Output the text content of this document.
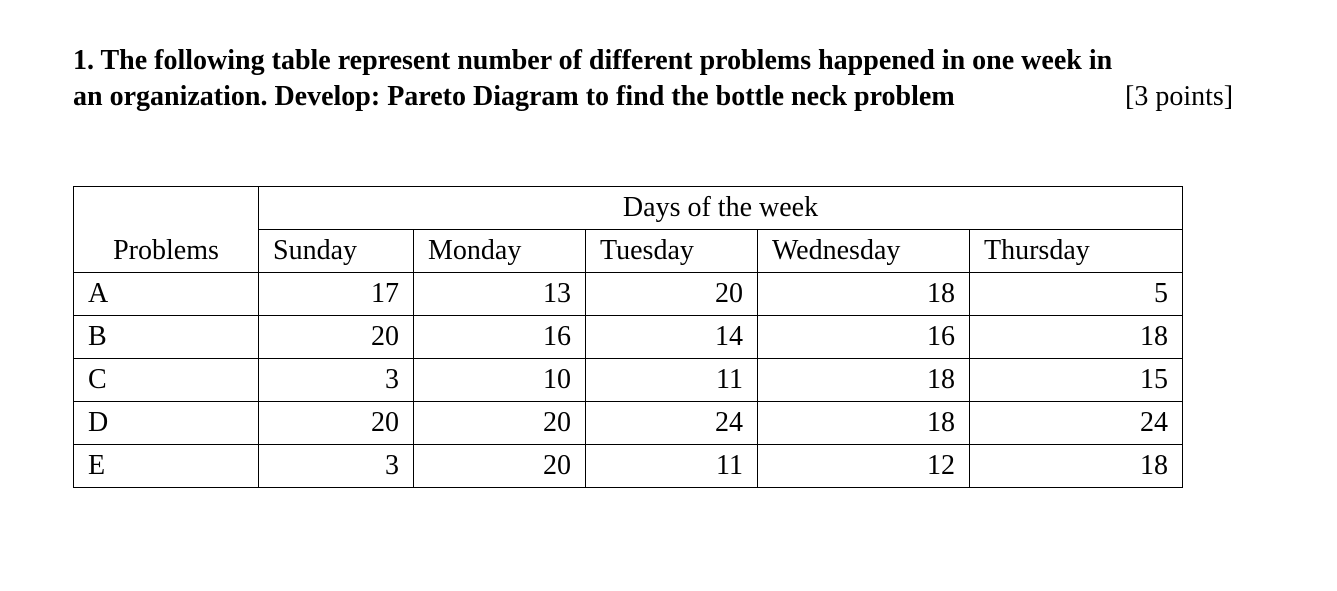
1. The following table represent number of different problems happened in one week in
an organization. Develop: Pareto Diagram to find the bottle neck problem	[3 points]
	Days of the week				
Problems	Sunday	Monday	Tuesday	Wednesday	Thursday
A	17	13	20	18	5
B	20	16	14	16	18
C	3	10	11	18	15
D	20	20	24	18	24
E	3	20	11	12	18
